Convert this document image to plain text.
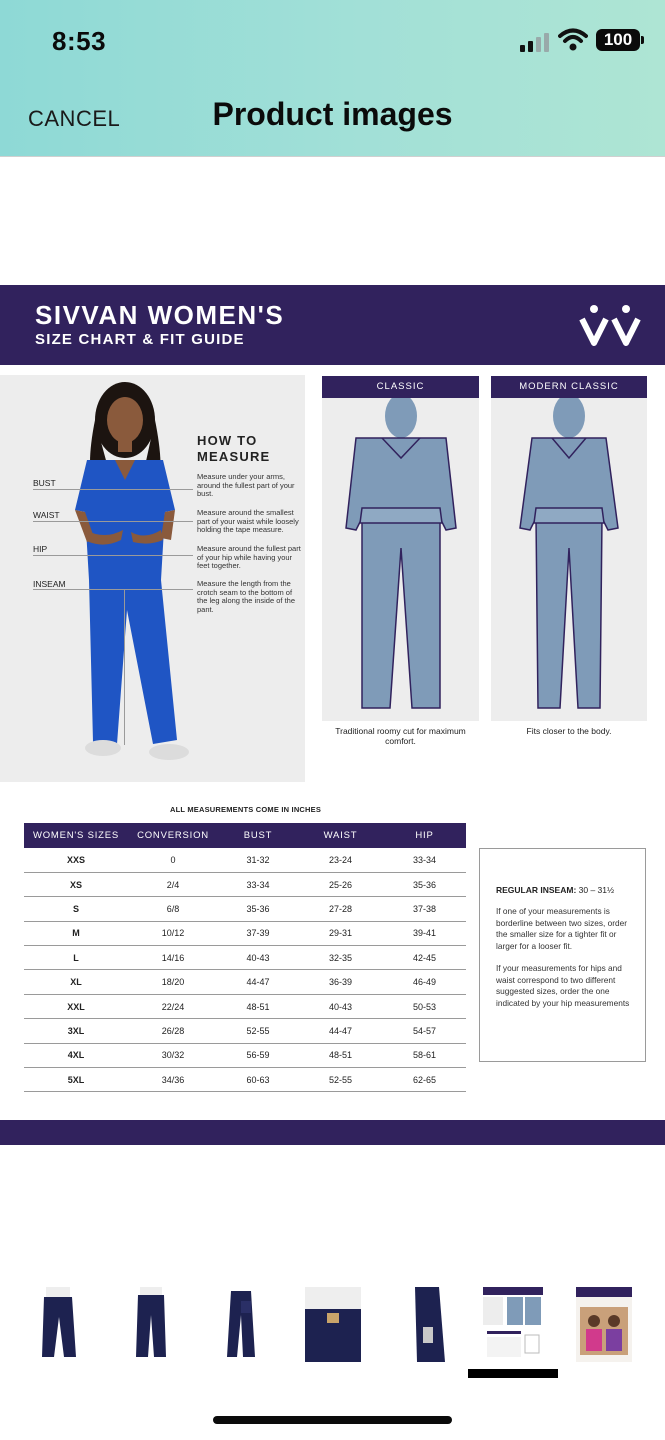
8:53	100
CANCEL	Product images
SIVVAN WOMEN'S
SIZE CHART & FIT GUIDE
HOW TO MEASURE
BUST
Measure under your arms, around the fullest part of your bust.
WAIST	Measure around the smallest part of your waist while loosely holding the tape measure.
HIP	Measure around the fullest part of your hip while having your feet together.
INSEAM	Measure the length from the crotch seam to the bottom of the leg along the inside of the pant.
CLASSIC
Traditional roomy cut for maximum comfort.
MODERN CLASSIC
Fits closer to the body.
ALL MEASUREMENTS COME IN INCHES
WOMEN'S SIZES	CONVERSION	BUST	WAIST	HIP
XXS	0	31-32	23-24	33-34
XS	2/4	33-34	25-26	35-36
S	6/8	35-36	27-28	37-38
M	10/12	37-39	29-31	39-41
L	14/16	40-43	32-35	42-45
XL	18/20	44-47	36-39	46-49
XXL	22/24	48-51	40-43	50-53
3XL	26/28	52-55	44-47	54-57
4XL	30/32	56-59	48-51	58-61
5XL	34/36	60-63	52-55	62-65
REGULAR INSEAM: 30 – 31½
If one of your measurements is borderline between two sizes, order the smaller size for a tighter fit or larger for a looser fit.
If your measurements for hips and waist correspond to two different suggested sizes, order the one indicated by your hip measurements
